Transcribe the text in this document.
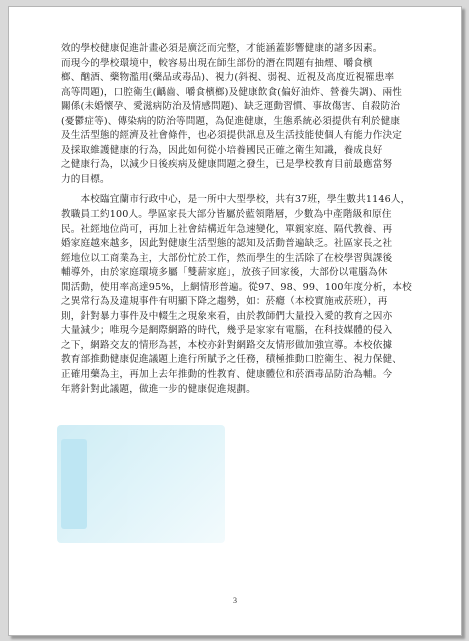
效的學校健康促進計畫必須是廣泛而完整，才能涵蓋影響健康的諸多因素。
而現今的學校環境中，較容易出現在師生部份的潛在問題有抽煙、嚼食檳
榔、酗酒、藥物濫用(藥品或毒品)、視力(斜視、弱視、近視及高度近視罹患率
高等問題)，口腔衛生(齲齒、嚼食檳榔)及健康飲食(偏好油炸、營養失調)、兩性
關係(未婚懷孕、愛滋病防治及情感問題)、缺乏運動習慣、事故傷害、自殺防治
(憂鬱症等)、傳染病的防治等問題，為促進健康，生態系統必須提供有利於健康
及生活型態的經濟及社會條件，也必須提供訊息及生活技能使個人有能力作決定
及採取維護健康的行為，因此如何從小培養國民正確之衛生知識，養成良好
之健康行為，以減少日後疾病及健康問題之發生，已是學校教育目前最應當努
力的目標。
　　本校臨宜蘭市行政中心，是一所中大型學校，共有37班，學生數共1146人，
教職員工約100人。學區家長大部分皆屬於藍領階層，少數為中產階級和原住
民。社經地位尚可，再加上社會結構近年急速變化，單親家庭、隔代教養、再
婚家庭越來越多，因此對健康生活型態的認知及活動普遍缺乏。社區家長之社
經地位以工商業為主，大部份忙於工作，然而學生的生活除了在校學習與課後
輔導外，由於家庭環境多屬「雙薪家庭」，放孩子回家後，大部份以電腦為休
閒活動，使用率高達95%，上網情形普遍。從97、98、99、100年度分析，本校
之異常行為及違規事件有明顯下降之趨勢，如：菸癮（本校實施戒菸班），再
則，針對暴力事件及中輟生之現象來看，由於教師們大量投入愛的教育之因亦
大量減少；唯現今是網際網路的時代，幾乎是家家有電腦，在科技媒體的侵入
之下，網路交友的情形為甚，本校亦針對網路交友情形做加強宣導。本校依據
教育部推動健康促進議題上進行所賦予之任務，積極推動口腔衛生、視力保健、
正確用藥為主，再加上去年推動的性教育、健康體位和菸酒毒品防治為輔。今
年將針對此議題，做進一步的健康促進規劃。
3
